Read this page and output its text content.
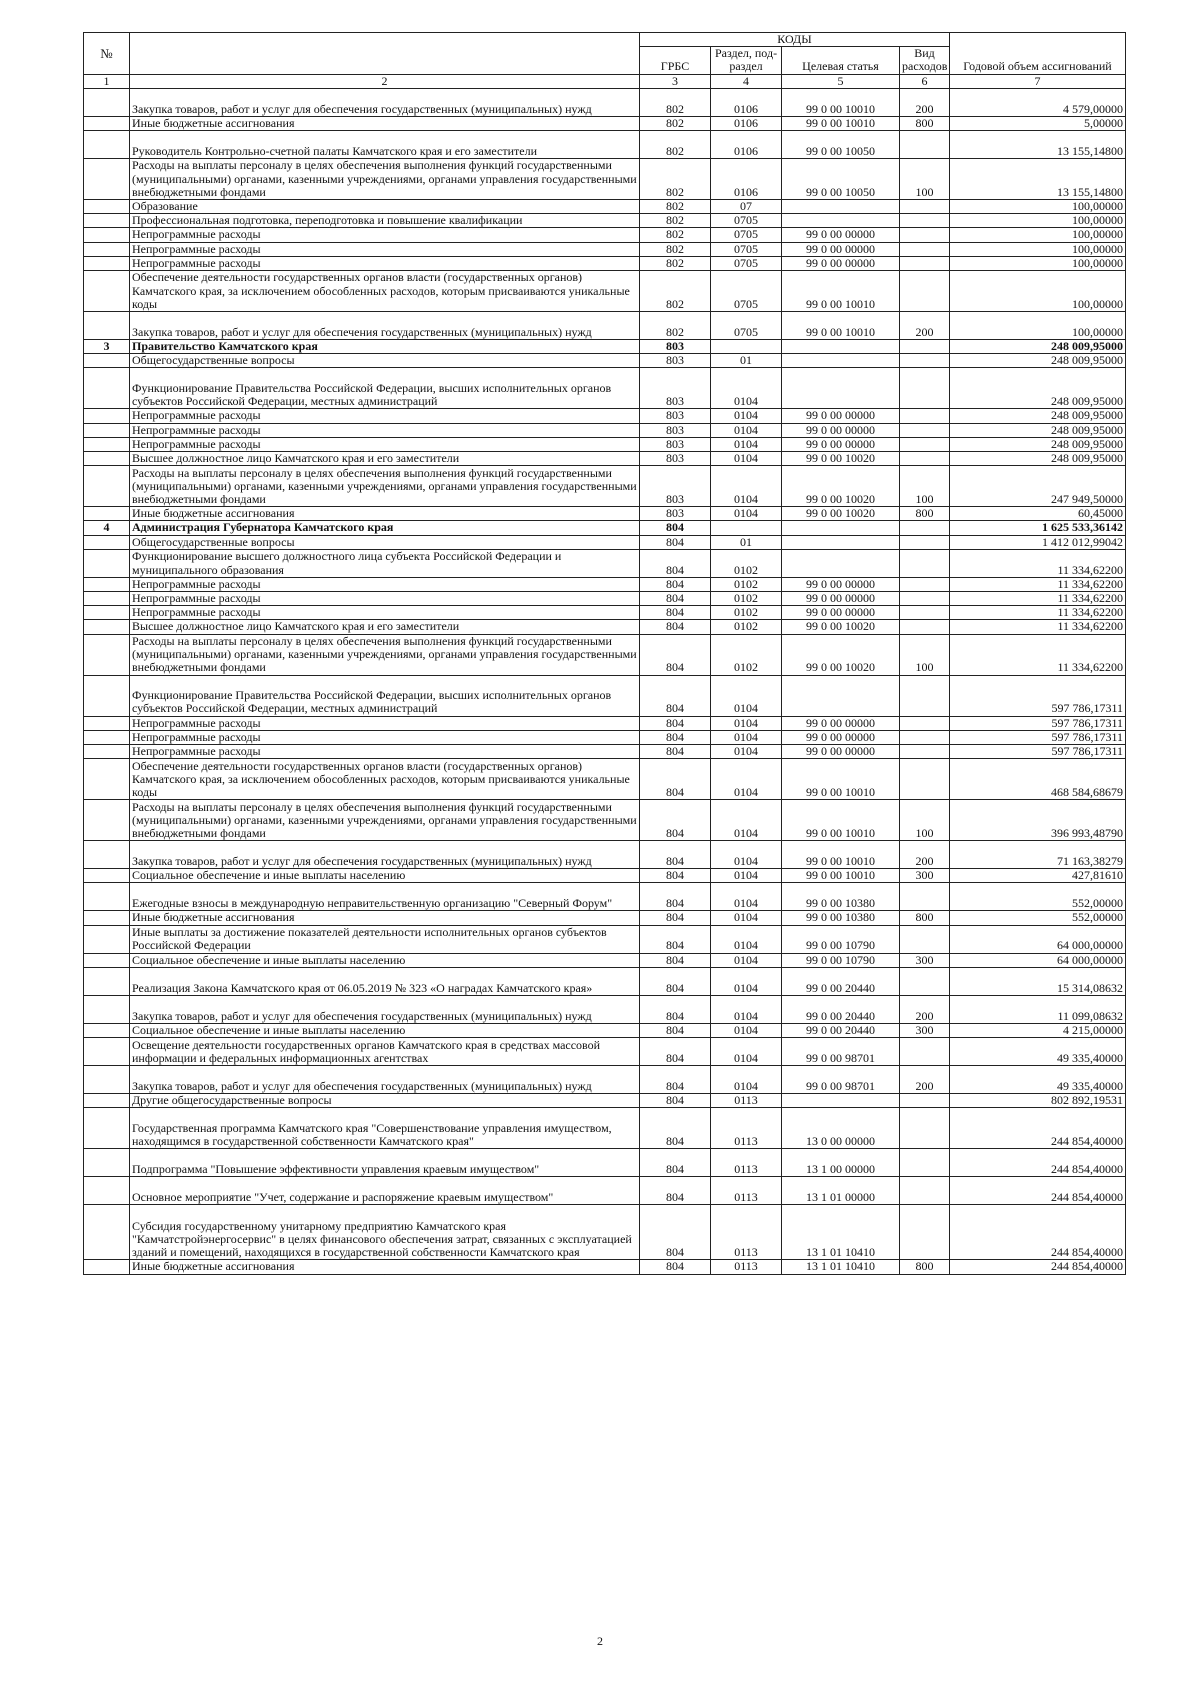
№		КОДЫ				Годовой объем ассигнований
		ГРБС	Раздел, под-раздел	Целевая статья	Вид расходов	
1	2	3	4	5	6	7
	Закупка товаров, работ и услуг для обеспечения государственных (муниципальных) нужд	802	0106	99 0 00 10010	200	4 579,00000
	Иные бюджетные ассигнования	802	0106	99 0 00 10010	800	5,00000
	Руководитель Контрольно-счетной палаты Камчатского края и его заместители	802	0106	99 0 00 10050		13 155,14800
	Расходы на выплаты персоналу в целях обеспечения выполнения функций государственными (муниципальными) органами, казенными учреждениями, органами управления государственными внебюджетными фондами	802	0106	99 0 00 10050	100	13 155,14800
	Образование	802	07			100,00000
	Профессиональная подготовка, переподготовка и повышение квалификации	802	0705			100,00000
	Непрограммные расходы	802	0705	99 0 00 00000		100,00000
	Непрограммные расходы	802	0705	99 0 00 00000		100,00000
	Непрограммные расходы	802	0705	99 0 00 00000		100,00000
	Обеспечение деятельности государственных органов власти (государственных органов) Камчатского края, за исключением обособленных расходов, которым присваиваются уникальные коды	802	0705	99 0 00 10010		100,00000
	Закупка товаров, работ и услуг для обеспечения государственных (муниципальных) нужд	802	0705	99 0 00 10010	200	100,00000
3	Правительство Камчатского края	803				248 009,95000
	Общегосударственные вопросы	803	01			248 009,95000
	Функционирование Правительства Российской Федерации, высших исполнительных органов субъектов Российской Федерации, местных администраций	803	0104			248 009,95000
	Непрограммные расходы	803	0104	99 0 00 00000		248 009,95000
	Непрограммные расходы	803	0104	99 0 00 00000		248 009,95000
	Непрограммные расходы	803	0104	99 0 00 00000		248 009,95000
	Высшее должностное лицо Камчатского края и его заместители	803	0104	99 0 00 10020		248 009,95000
	Расходы на выплаты персоналу в целях обеспечения выполнения функций государственными (муниципальными) органами, казенными учреждениями, органами управления государственными внебюджетными фондами	803	0104	99 0 00 10020	100	247 949,50000
	Иные бюджетные ассигнования	803	0104	99 0 00 10020	800	60,45000
4	Администрация Губернатора Камчатского края	804				1 625 533,36142
	Общегосударственные вопросы	804	01			1 412 012,99042
	Функционирование высшего должностного лица субъекта Российской Федерации и муниципального образования	804	0102			11 334,62200
	Непрограммные расходы	804	0102	99 0 00 00000		11 334,62200
	Непрограммные расходы	804	0102	99 0 00 00000		11 334,62200
	Непрограммные расходы	804	0102	99 0 00 00000		11 334,62200
	Высшее должностное лицо Камчатского края и его заместители	804	0102	99 0 00 10020		11 334,62200
	Расходы на выплаты персоналу в целях обеспечения выполнения функций государственными (муниципальными) органами, казенными учреждениями, органами управления государственными внебюджетными фондами	804	0102	99 0 00 10020	100	11 334,62200
	Функционирование Правительства Российской Федерации, высших исполнительных органов субъектов Российской Федерации, местных администраций	804	0104			597 786,17311
	Непрограммные расходы	804	0104	99 0 00 00000		597 786,17311
	Непрограммные расходы	804	0104	99 0 00 00000		597 786,17311
	Непрограммные расходы	804	0104	99 0 00 00000		597 786,17311
	Обеспечение деятельности государственных органов власти (государственных органов) Камчатского края, за исключением обособленных расходов, которым присваиваются уникальные коды	804	0104	99 0 00 10010		468 584,68679
	Расходы на выплаты персоналу в целях обеспечения выполнения функций государственными (муниципальными) органами, казенными учреждениями, органами управления государственными внебюджетными фондами	804	0104	99 0 00 10010	100	396 993,48790
	Закупка товаров, работ и услуг для обеспечения государственных (муниципальных) нужд	804	0104	99 0 00 10010	200	71 163,38279
	Социальное обеспечение и иные выплаты населению	804	0104	99 0 00 10010	300	427,81610
	Ежегодные взносы в международную неправительственную организацию "Северный Форум"	804	0104	99 0 00 10380		552,00000
	Иные бюджетные ассигнования	804	0104	99 0 00 10380	800	552,00000
	Иные выплаты за достижение показателей деятельности исполнительных органов субъектов Российской Федерации	804	0104	99 0 00 10790		64 000,00000
	Социальное обеспечение и иные выплаты населению	804	0104	99 0 00 10790	300	64 000,00000
	Реализация Закона Камчатского края от 06.05.2019 № 323 «О наградах Камчатского края»	804	0104	99 0 00 20440		15 314,08632
	Закупка товаров, работ и услуг для обеспечения государственных (муниципальных) нужд	804	0104	99 0 00 20440	200	11 099,08632
	Социальное обеспечение и иные выплаты населению	804	0104	99 0 00 20440	300	4 215,00000
	Освещение деятельности государственных органов Камчатского края в средствах массовой информации и федеральных информационных агентствах	804	0104	99 0 00 98701		49 335,40000
	Закупка товаров, работ и услуг для обеспечения государственных (муниципальных) нужд	804	0104	99 0 00 98701	200	49 335,40000
	Другие общегосударственные вопросы	804	0113			802 892,19531
	Государственная программа Камчатского края "Совершенствование управления имуществом, находящимся в государственной собственности Камчатского края"	804	0113	13 0 00 00000		244 854,40000
	Подпрограмма "Повышение эффективности управления краевым имуществом"	804	0113	13 1 00 00000		244 854,40000
	Основное мероприятие "Учет, содержание и распоряжение краевым имуществом"	804	0113	13 1 01 00000		244 854,40000
	Субсидия государственному унитарному предприятию Камчатского края "Камчатстройэнергосервис" в целях финансового обеспечения затрат, связанных с эксплуатацией зданий и помещений, находящихся в государственной собственности Камчатского края	804	0113	13 1 01 10410		244 854,40000
	Иные бюджетные ассигнования	804	0113	13 1 01 10410	800	244 854,40000
2
